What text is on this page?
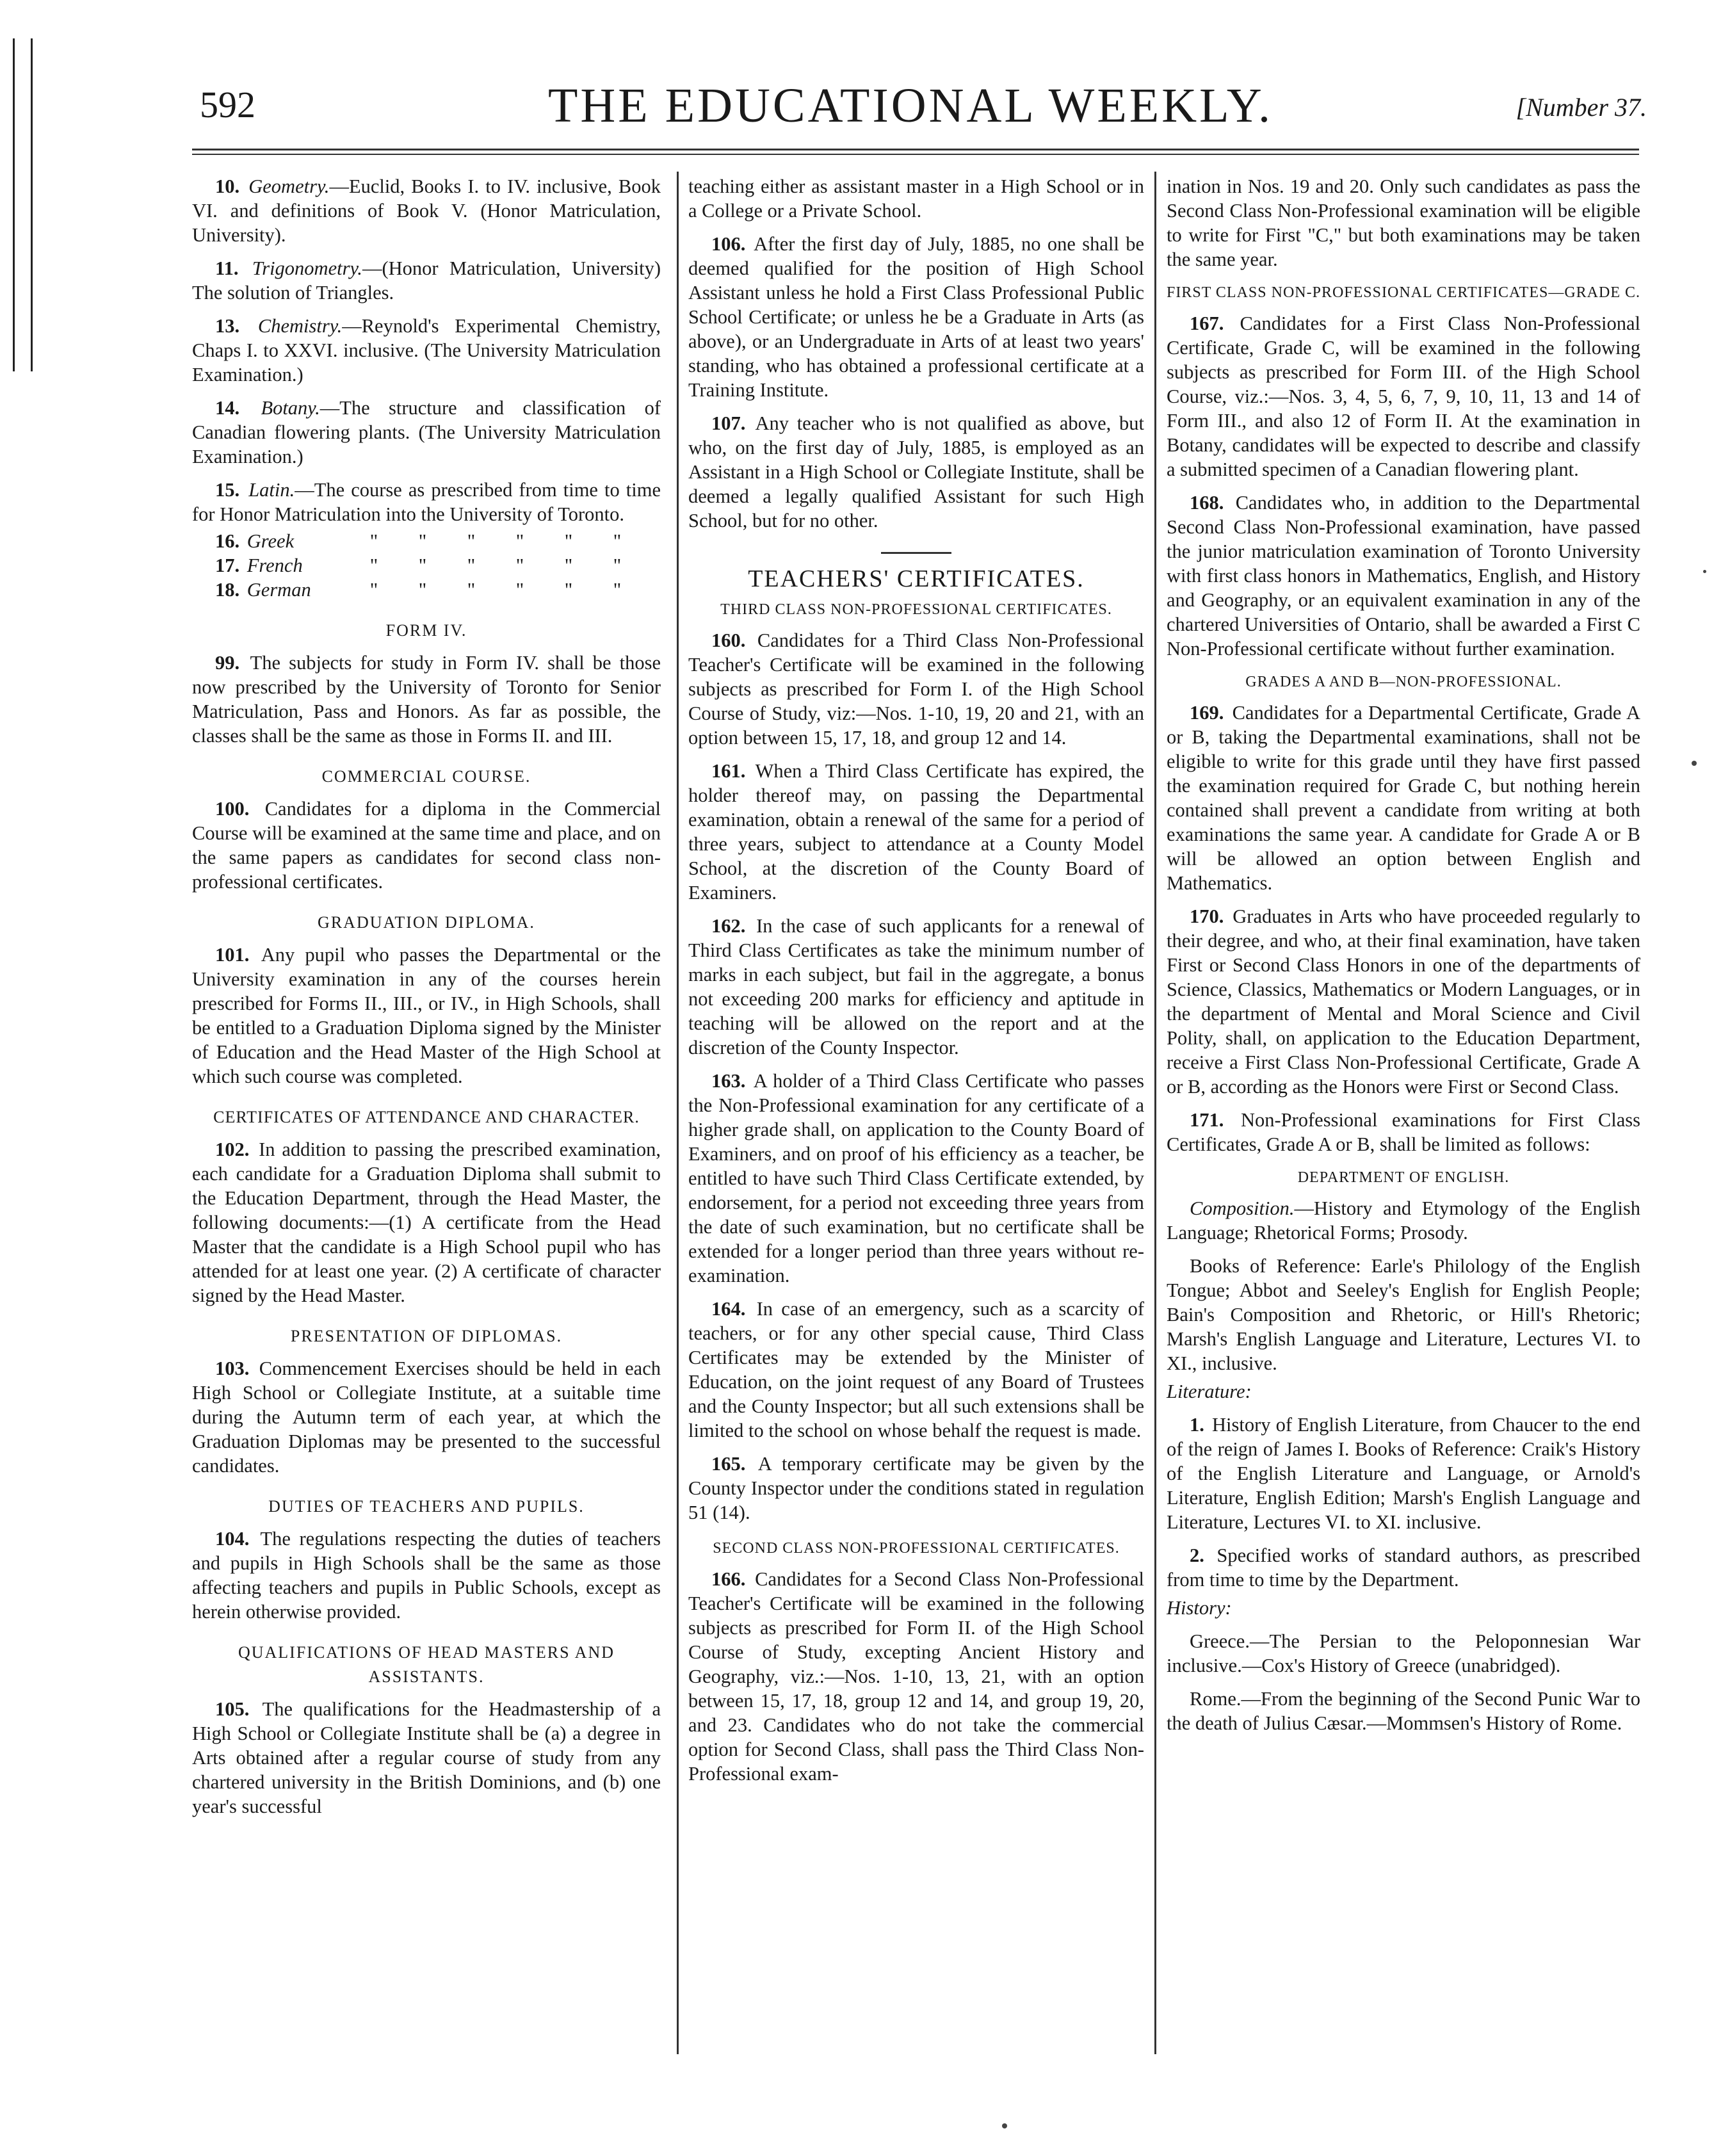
592	THE EDUCATIONAL WEEKLY.	[Number 37.

10. Geometry.—Euclid, Books I. to IV. inclusive, Book VI. and definitions of Book V. (Honor Matriculation, University).

11. Trigonometry.—(Honor Matriculation, University) The solution of Triangles.

13. Chemistry.—Reynold's Experimental Chemistry, Chaps I. to XXVI. inclusive. (The University Matriculation Examination.)

14. Botany.—The structure and classification of Canadian flowering plants. (The University Matriculation Examination.)

15. Latin.—The course as prescribed from time to time for Honor Matriculation into the University of Toronto.

16. Greek	"	"	"	"	"	"
17. French	"	"	"	"	"	"
18. German	"	"	"	"	"	"
FORM IV.

99. The subjects for study in Form IV. shall be those now prescribed by the University of Toronto for Senior Matriculation, Pass and Honors. As far as possible, the classes shall be the same as those in Forms II. and III.

COMMERCIAL COURSE.

100. Candidates for a diploma in the Commercial Course will be examined at the same time and place, and on the same papers as candidates for second class non-professional certificates.

GRADUATION DIPLOMA.

101. Any pupil who passes the Departmental or the University examination in any of the courses herein prescribed for Forms II., III., or IV., in High Schools, shall be entitled to a Graduation Diploma signed by the Minister of Education and the Head Master of the High School at which such course was completed.

CERTIFICATES OF ATTENDANCE AND CHARACTER.

102. In addition to passing the prescribed examination, each candidate for a Graduation Diploma shall submit to the Education Department, through the Head Master, the following documents:—(1) A certificate from the Head Master that the candidate is a High School pupil who has attended for at least one year. (2) A certificate of character signed by the Head Master.

PRESENTATION OF DIPLOMAS.

103. Commencement Exercises should be held in each High School or Collegiate Institute, at a suitable time during the Autumn term of each year, at which the Graduation Diplomas may be presented to the successful candidates.

DUTIES OF TEACHERS AND PUPILS.

104. The regulations respecting the duties of teachers and pupils in High Schools shall be the same as those affecting teachers and pupils in Public Schools, except as herein otherwise provided.

QUALIFICATIONS OF HEAD MASTERS AND ASSISTANTS.

105. The qualifications for the Headmastership of a High School or Collegiate Institute shall be (a) a degree in Arts obtained after a regular course of study from any chartered university in the British Dominions, and (b) one year's successful

teaching either as assistant master in a High School or in a College or a Private School.

106. After the first day of July, 1885, no one shall be deemed qualified for the position of High School Assistant unless he hold a First Class Professional Public School Certificate; or unless he be a Graduate in Arts (as above), or an Undergraduate in Arts of at least two years' standing, who has obtained a professional certificate at a Training Institute.

107. Any teacher who is not qualified as above, but who, on the first day of July, 1885, is employed as an Assistant in a High School or Collegiate Institute, shall be deemed a legally qualified Assistant for such High School, but for no other.

TEACHERS' CERTIFICATES.
THIRD CLASS NON-PROFESSIONAL CERTIFICATES.

160. Candidates for a Third Class Non-Professional Teacher's Certificate will be examined in the following subjects as prescribed for Form I. of the High School Course of Study, viz:—Nos. 1-10, 19, 20 and 21, with an option between 15, 17, 18, and group 12 and 14.

161. When a Third Class Certificate has expired, the holder thereof may, on passing the Departmental examination, obtain a renewal of the same for a period of three years, subject to attendance at a County Model School, at the discretion of the County Board of Examiners.

162. In the case of such applicants for a renewal of Third Class Certificates as take the minimum number of marks in each subject, but fail in the aggregate, a bonus not exceeding 200 marks for efficiency and aptitude in teaching will be allowed on the report and at the discretion of the County Inspector.

163. A holder of a Third Class Certificate who passes the Non-Professional examination for any certificate of a higher grade shall, on application to the County Board of Examiners, and on proof of his efficiency as a teacher, be entitled to have such Third Class Certificate extended, by endorsement, for a period not exceeding three years from the date of such examination, but no certificate shall be extended for a longer period than three years without re-examination.

164. In case of an emergency, such as a scarcity of teachers, or for any other special cause, Third Class Certificates may be extended by the Minister of Education, on the joint request of any Board of Trustees and the County Inspector; but all such extensions shall be limited to the school on whose behalf the request is made.

165. A temporary certificate may be given by the County Inspector under the conditions stated in regulation 51 (14).

SECOND CLASS NON-PROFESSIONAL CERTIFICATES.

166. Candidates for a Second Class Non-Professional Teacher's Certificate will be examined in the following subjects as prescribed for Form II. of the High School Course of Study, excepting Ancient History and Geography, viz.:—Nos. 1-10, 13, 21, with an option between 15, 17, 18, group 12 and 14, and group 19, 20, and 23. Candidates who do not take the commercial option for Second Class, shall pass the Third Class Non-Professional exam-

ination in Nos. 19 and 20. Only such candidates as pass the Second Class Non-Professional examination will be eligible to write for First "C," but both examinations may be taken the same year.

FIRST CLASS NON-PROFESSIONAL CERTIFICATES—GRADE C.

167. Candidates for a First Class Non-Professional Certificate, Grade C, will be examined in the following subjects as prescribed for Form III. of the High School Course, viz.:—Nos. 3, 4, 5, 6, 7, 9, 10, 11, 13 and 14 of Form III., and also 12 of Form II. At the examination in Botany, candidates will be expected to describe and classify a submitted specimen of a Canadian flowering plant.

168. Candidates who, in addition to the Departmental Second Class Non-Professional examination, have passed the junior matriculation examination of Toronto University with first class honors in Mathematics, English, and History and Geography, or an equivalent examination in any of the chartered Universities of Ontario, shall be awarded a First C Non-Professional certificate without further examination.

GRADES A AND B—NON-PROFESSIONAL.

169. Candidates for a Departmental Certificate, Grade A or B, taking the Departmental examinations, shall not be eligible to write for this grade until they have first passed the examination required for Grade C, but nothing herein contained shall prevent a candidate from writing at both examinations the same year. A candidate for Grade A or B will be allowed an option between English and Mathematics.

170. Graduates in Arts who have proceeded regularly to their degree, and who, at their final examination, have taken First or Second Class Honors in one of the departments of Science, Classics, Mathematics or Modern Languages, or in the department of Mental and Moral Science and Civil Polity, shall, on application to the Education Department, receive a First Class Non-Professional Certificate, Grade A or B, according as the Honors were First or Second Class.

171. Non-Professional examinations for First Class Certificates, Grade A or B, shall be limited as follows:

DEPARTMENT OF ENGLISH.

Composition.—History and Etymology of the English Language; Rhetorical Forms; Prosody.

Books of Reference: Earle's Philology of the English Tongue; Abbot and Seeley's English for English People; Bain's Composition and Rhetoric, or Hill's Rhetoric; Marsh's English Language and Literature, Lectures VI. to XI., inclusive.

Literature:

1. History of English Literature, from Chaucer to the end of the reign of James I. Books of Reference: Craik's History of the English Literature and Language, or Arnold's Literature, English Edition; Marsh's English Language and Literature, Lectures VI. to XI. inclusive.

2. Specified works of standard authors, as prescribed from time to time by the Department.

History:

Greece.—The Persian to the Peloponnesian War inclusive.—Cox's History of Greece (unabridged).

Rome.—From the beginning of the Second Punic War to the death of Julius Cæsar.—Mommsen's History of Rome.
